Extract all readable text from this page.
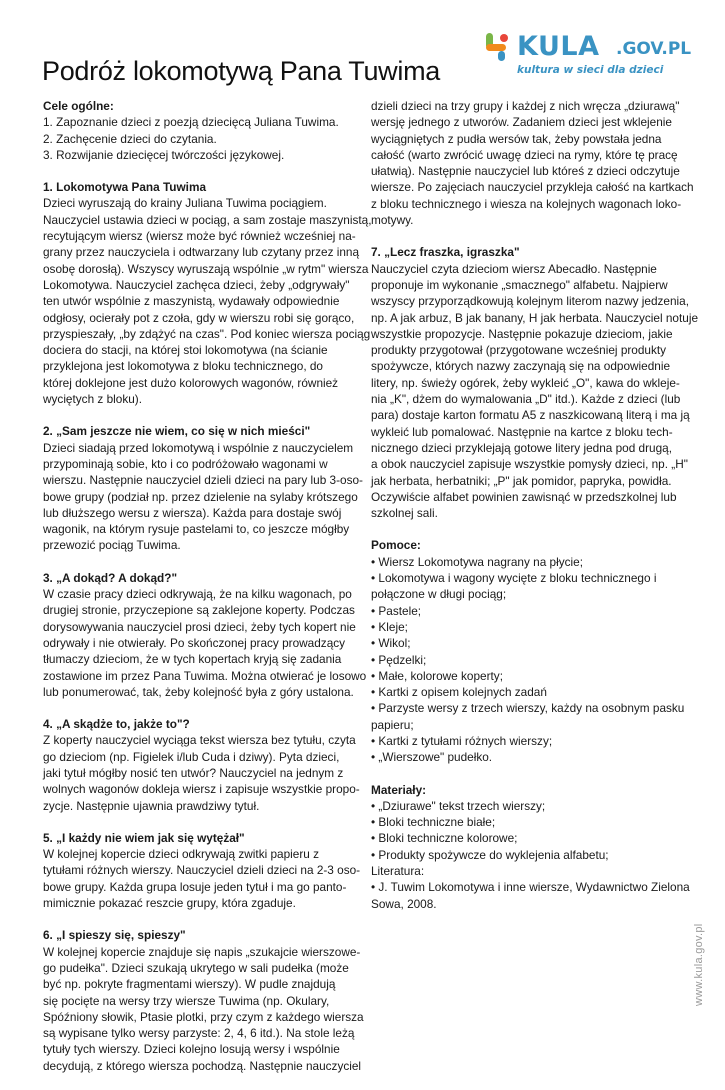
Podróż lokomotywą Pana Tuwima
KULA .GOV.PL
kultura w sieci dla dzieci

Cele ogólne:

1. Zapoznanie dzieci z poezją dziecięcą Juliana Tuwima.

2. Zachęcenie dzieci do czytania.

3. Rozwijanie dziecięcej twórczości językowej.

1. Lokomotywa Pana Tuwima

Dzieci wyruszają do krainy Juliana Tuwima pociągiem.

Nauczyciel ustawia dzieci w pociąg, a sam zostaje maszynistą,

recytującym wiersz (wiersz może być również wcześniej na-

grany przez nauczyciela i odtwarzany lub czytany przez inną

osobę dorosłą). Wszyscy wyruszają wspólnie „w rytm" wiersza

Lokomotywa. Nauczyciel zachęca dzieci, żeby „odgrywały"

ten utwór wspólnie z maszynistą, wydawały odpowiednie

odgłosy, ocierały pot z czoła, gdy w wierszu robi się gorąco,

przyspieszały, „by zdążyć na czas". Pod koniec wiersza pociąg

dociera do stacji, na której stoi lokomotywa (na ścianie

przyklejona jest lokomotywa z bloku technicznego, do

której doklejone jest dużo kolorowych wagonów, również

wyciętych z bloku).

2. „Sam jeszcze nie wiem, co się w nich mieści"

Dzieci siadają przed lokomotywą i wspólnie z nauczycielem

przypominają sobie, kto i co podróżowało wagonami w

wierszu. Następnie nauczyciel dzieli dzieci na pary lub 3-oso-

bowe grupy (podział np. przez dzielenie na sylaby krótszego

lub dłuższego wersu z wiersza). Każda para dostaje swój

wagonik, na którym rysuje pastelami to, co jeszcze mógłby

przewozić pociąg Tuwima.

3. „A dokąd? A dokąd?"

W czasie pracy dzieci odkrywają, że na kilku wagonach, po

drugiej stronie, przyczepione są zaklejone koperty. Podczas

dorysowywania nauczyciel prosi dzieci, żeby tych kopert nie

odrywały i nie otwierały. Po skończonej pracy prowadzący

tłumaczy dzieciom, że w tych kopertach kryją się zadania

zostawione im przez Pana Tuwima. Można otwierać je losowo

lub ponumerować, tak, żeby kolejność była z góry ustalona.

4. „A skądże to, jakże to"?

Z koperty nauczyciel wyciąga tekst wiersza bez tytułu, czyta

go dzieciom (np. Figielek i/lub Cuda i dziwy). Pyta dzieci,

jaki tytuł mógłby nosić ten utwór? Nauczyciel na jednym z

wolnych wagonów dokleja wiersz i zapisuje wszystkie propo-

zycje. Następnie ujawnia prawdziwy tytuł.

5. „I każdy nie wiem jak się wytężał"

W kolejnej kopercie dzieci odkrywają zwitki papieru z

tytułami różnych wierszy. Nauczyciel dzieli dzieci na 2-3 oso-

bowe grupy. Każda grupa losuje jeden tytuł i ma go panto-

mimicznie pokazać reszcie grupy, która zgaduje.

6. „I spieszy się, spieszy"

W kolejnej kopercie znajduje się napis „szukajcie wierszowe-

go pudełka". Dzieci szukają ukrytego w sali pudełka (może

być np. pokryte fragmentami wierszy). W pudle znajdują

się pocięte na wersy trzy wiersze Tuwima (np. Okulary,

Spóźniony słowik, Ptasie plotki, przy czym z każdego wiersza

są wypisane tylko wersy parzyste: 2, 4, 6 itd.). Na stole leżą

tytuły tych wierszy. Dzieci kolejno losują wersy i wspólnie

decydują, z którego wiersza pochodzą. Następnie nauczyciel

dzieli dzieci na trzy grupy i każdej z nich wręcza „dziurawą"

wersję jednego z utworów. Zadaniem dzieci jest wklejenie

wyciągniętych z pudła wersów tak, żeby powstała jedna

całość (warto zwrócić uwagę dzieci na rymy, które tę pracę

ułatwią). Następnie nauczyciel lub któreś z dzieci odczytuje

wiersze. Po zajęciach nauczyciel przykleja całość na kartkach

z bloku technicznego i wiesza na kolejnych wagonach loko-

motywy.

7. „Lecz fraszka, igraszka"

Nauczyciel czyta dzieciom wiersz Abecadło. Następnie

proponuje im wykonanie „smacznego" alfabetu. Najpierw

wszyscy przyporządkowują kolejnym literom nazwy jedzenia,

np. A jak arbuz, B jak banany, H jak herbata. Nauczyciel notuje

wszystkie propozycje. Następnie pokazuje dzieciom, jakie

produkty przygotował (przygotowane wcześniej produkty

spożywcze, których nazwy zaczynają się na odpowiednie

litery, np. świeży ogórek, żeby wykleić „O", kawa do wkleje-

nia „K", dżem do wymalowania „D" itd.). Każde z dzieci (lub

para) dostaje karton formatu A5 z naszkicowaną literą i ma ją

wykleić lub pomalować. Następnie na kartce z bloku tech-

nicznego dzieci przyklejają gotowe litery jedna pod drugą,

a obok nauczyciel zapisuje wszystkie pomysły dzieci, np. „H"

jak herbata, herbatniki; „P" jak pomidor, papryka, powidła.

Oczywiście alfabet powinien zawisnąć w przedszkolnej lub

szkolnej sali.

Pomoce:

• Wiersz Lokomotywa nagrany na płycie;

• Lokomotywa i wagony wycięte z bloku technicznego i

połączone w długi pociąg;

• Pastele;

• Kleje;

• Wikol;

• Pędzelki;

• Małe, kolorowe koperty;

• Kartki z opisem kolejnych zadań

• Parzyste wersy z trzech wierszy, każdy na osobnym pasku

papieru;

• Kartki z tytułami różnych wierszy;

• „Wierszowe" pudełko.

Materiały:

• „Dziurawe" tekst trzech wierszy;

• Bloki techniczne białe;

• Bloki techniczne kolorowe;

• Produkty spożywcze do wyklejenia alfabetu;

Literatura:

• J. Tuwim Lokomotywa i inne wiersze, Wydawnictwo Zielona

Sowa, 2008.

www.kula.gov.pl
